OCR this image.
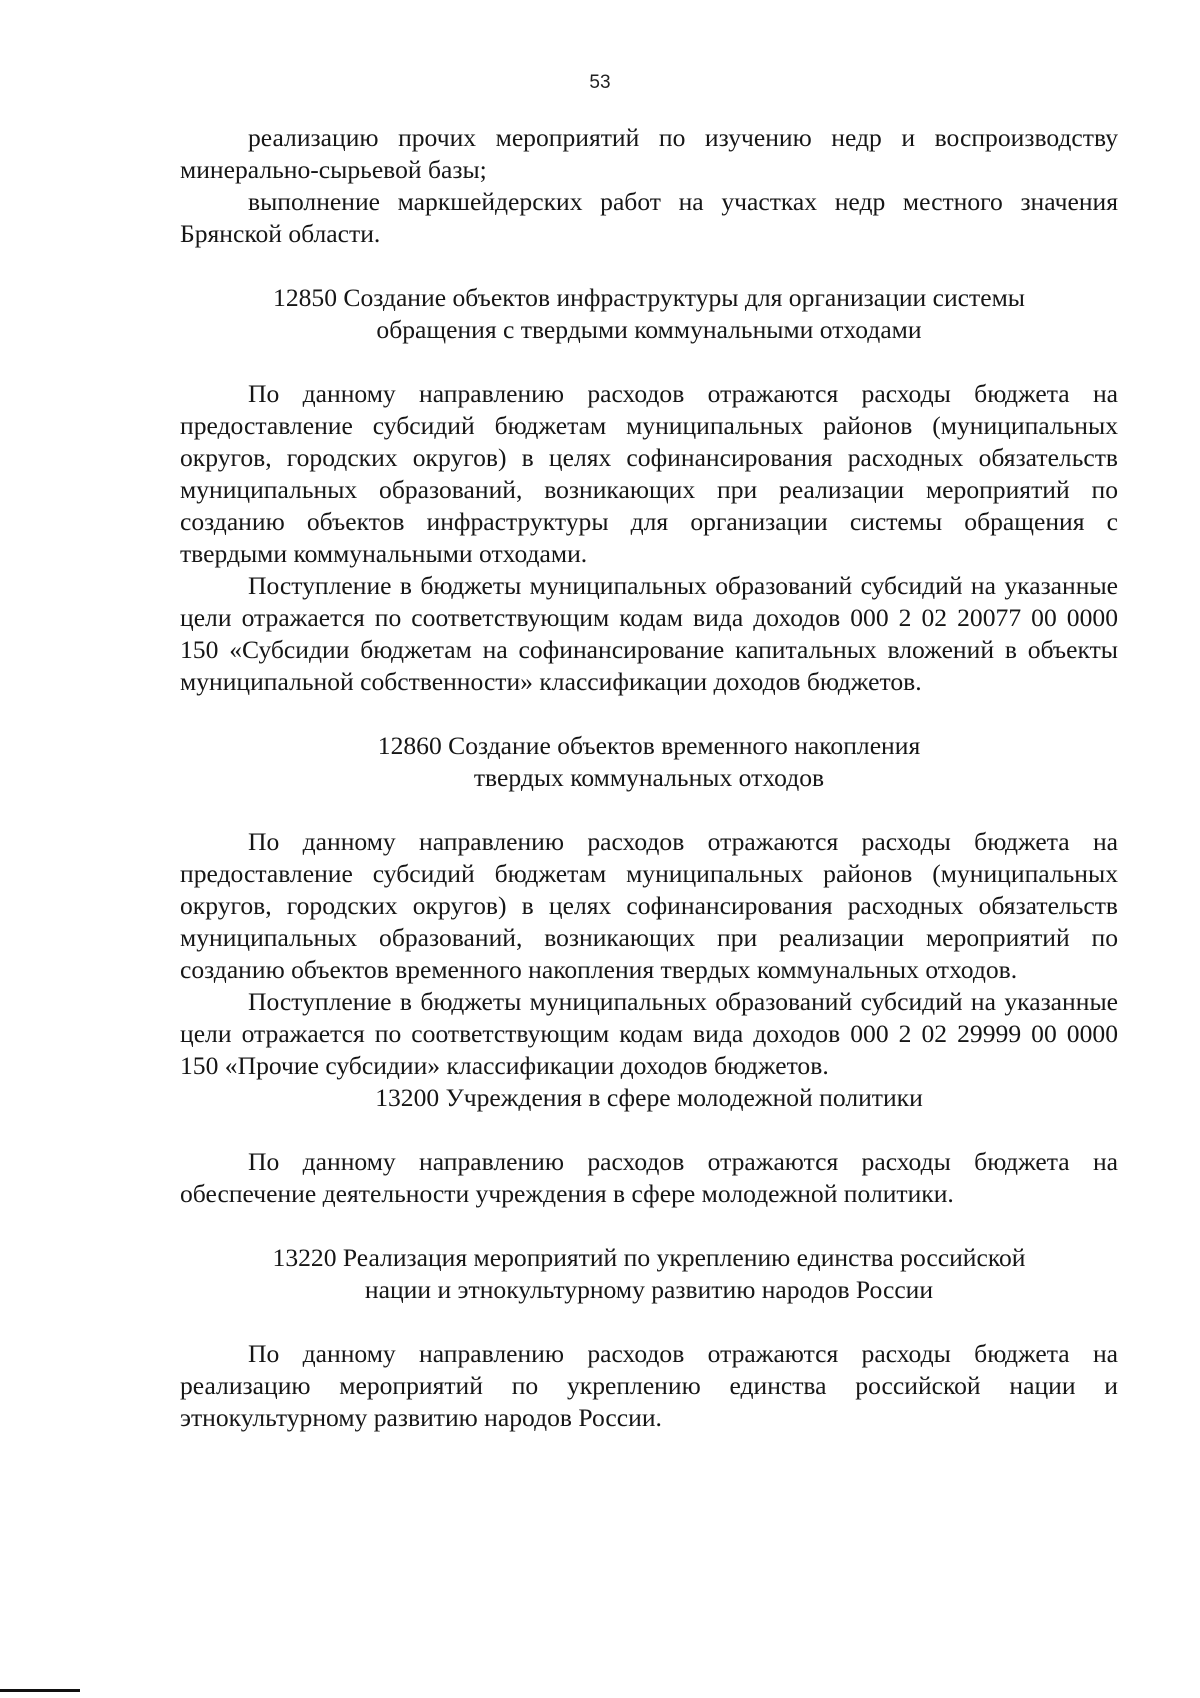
53

реализацию прочих мероприятий по изучению недр и воспроизводству минерально-сырьевой базы;

выполнение маркшейдерских работ на участках недр местного значения Брянской области.

12850 Создание объектов инфраструктуры для организации системы
обращения с твердыми коммунальными отходами

По данному направлению расходов отражаются расходы бюджета на предоставление субсидий бюджетам муниципальных районов (муниципальных округов, городских округов) в целях софинансирования расходных обязательств муниципальных образований, возникающих при реализации мероприятий по созданию объектов инфраструктуры для организации системы обращения с твердыми коммунальными отходами.

Поступление в бюджеты муниципальных образований субсидий на указанные цели отражается по соответствующим кодам вида доходов 000 2 02 20077 00 0000 150 «Субсидии бюджетам на софинансирование капитальных вложений в объекты муниципальной собственности» классификации доходов бюджетов.

12860 Создание объектов временного накопления
твердых коммунальных отходов

По данному направлению расходов отражаются расходы бюджета на предоставление субсидий бюджетам муниципальных районов (муниципальных округов, городских округов) в целях софинансирования расходных обязательств муниципальных образований, возникающих при реализации мероприятий по созданию объектов временного накопления твердых коммунальных отходов.

Поступление в бюджеты муниципальных образований субсидий на указанные цели отражается по соответствующим кодам вида доходов 000 2 02 29999 00 0000 150 «Прочие субсидии» классификации доходов бюджетов.

13200 Учреждения в сфере молодежной политики

По данному направлению расходов отражаются расходы бюджета на обеспечение деятельности учреждения в сфере молодежной политики.

13220 Реализация мероприятий по укреплению единства российской
нации и этнокультурному развитию народов России

По данному направлению расходов отражаются расходы бюджета на реализацию мероприятий по укреплению единства российской нации и этнокультурному развитию народов России.
